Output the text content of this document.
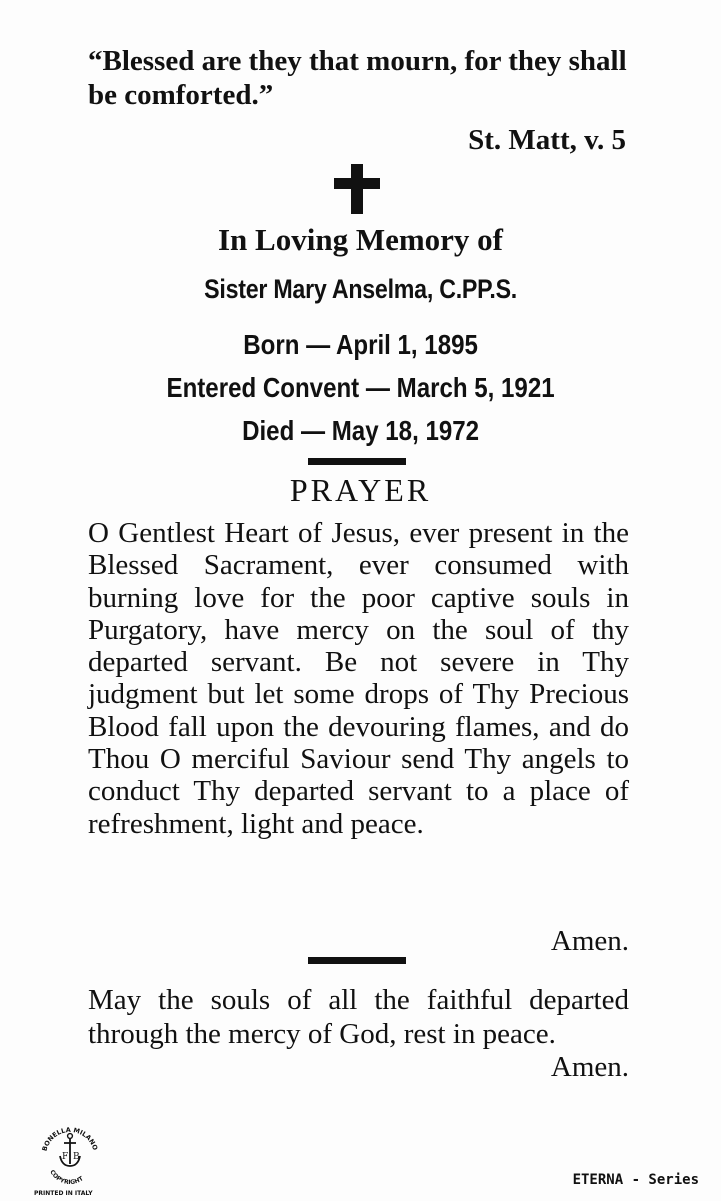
“Blessed are they that mourn, for they shall be comforted.”
St. Matt, v. 5
In Loving Memory of
Sister Mary Anselma, C.PP.S.
Born — April 1, 1895
Entered Convent — March 5, 1921
Died — May 18, 1972
PRAYER
O Gentlest Heart of Jesus, ever present in the Blessed Sacrament, ever consumed with burning love for the poor captive souls in Purgatory, have mercy on the soul of thy departed servant. Be not severe in Thy judgment but let some drops of Thy Precious Blood fall upon the devouring flames, and do Thou O merciful Saviour send Thy angels to conduct Thy departed servant to a place of refreshment, light and peace.
Amen.
May the souls of all the faithful departed through the mercy of God, rest in peace.
Amen.
BONELLA MILANO
COPYRIGHT
F B
PRINTED IN ITALY
ETERNA - Series
